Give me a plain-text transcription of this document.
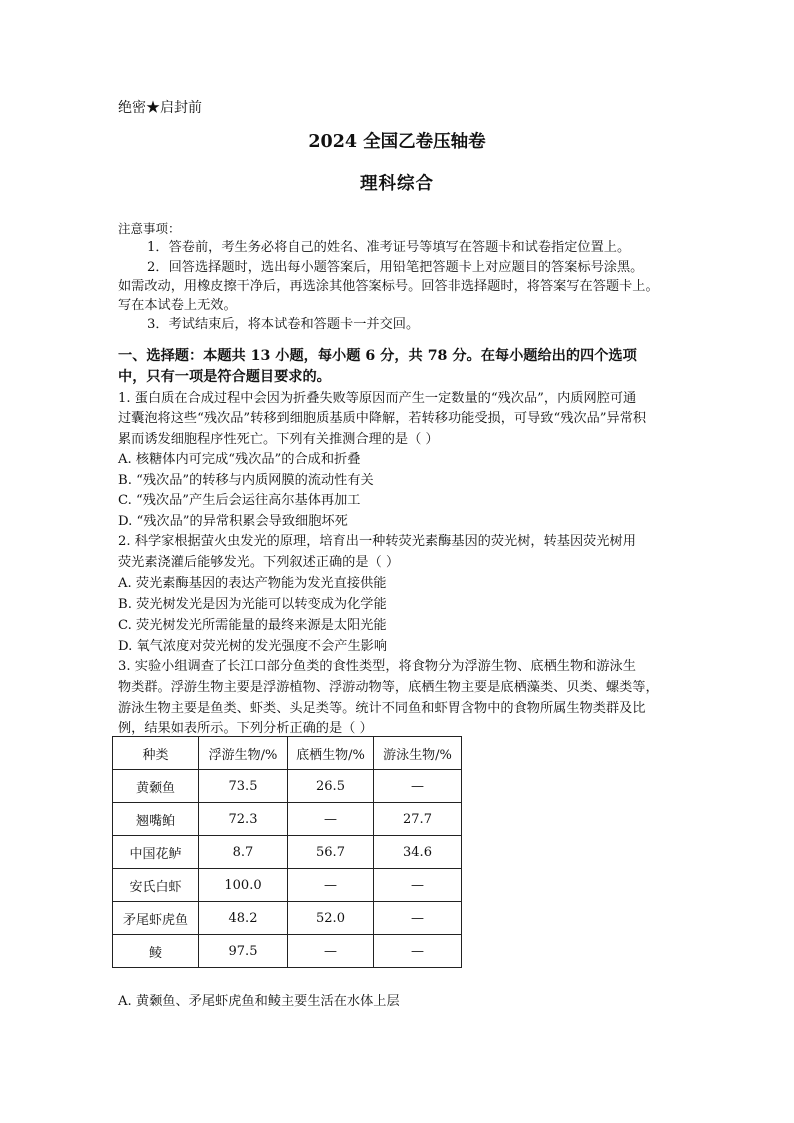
绝密★启封前
2024 全国乙卷压轴卷
理科综合
注意事项：
1．答卷前，考生务必将自己的姓名、准考证号等填写在答题卡和试卷指定位置上。
2．回答选择题时，选出每小题答案后，用铅笔把答题卡上对应题目的答案标号涂黑。
如需改动，用橡皮擦干净后，再选涂其他答案标号。回答非选择题时，将答案写在答题卡上。
写在本试卷上无效。
3．考试结束后，将本试卷和答题卡一并交回。
一、选择题：本题共 13 小题，每小题 6 分，共 78 分。在每小题给出的四个选项
中，只有一项是符合题目要求的。
1. 蛋白质在合成过程中会因为折叠失败等原因而产生一定数量的“残次品”，内质网腔可通
过囊泡将这些“残次品”转移到细胞质基质中降解，若转移功能受损，可导致“残次品”异常积
累而诱发细胞程序性死亡。下列有关推测合理的是（ ）
A. 核糖体内可完成“残次品”的合成和折叠
B. “残次品”的转移与内质网膜的流动性有关
C. “残次品”产生后会运往高尔基体再加工
D. “残次品”的异常积累会导致细胞坏死
2. 科学家根据萤火虫发光的原理，培育出一种转荧光素酶基因的荧光树，转基因荧光树用
荧光素浇灌后能够发光。下列叙述正确的是（ ）
A. 荧光素酶基因的表达产物能为发光直接供能
B. 荧光树发光是因为光能可以转变成为化学能
C. 荧光树发光所需能量的最终来源是太阳光能
D. 氧气浓度对荧光树的发光强度不会产生影响
3. 实验小组调查了长江口部分鱼类的食性类型，将食物分为浮游生物、底栖生物和游泳生
物类群。浮游生物主要是浮游植物、浮游动物等，底栖生物主要是底栖藻类、贝类、螺类等，
游泳生物主要是鱼类、虾类、头足类等。统计不同鱼和虾胃含物中的食物所属生物类群及比
例，结果如表所示。下列分析正确的是（ ）
种类	浮游生物/%	底栖生物/%	游泳生物/%
黄颡鱼	73.5	26.5	—
翘嘴鲌	72.3	—	27.7
中国花鲈	8.7	56.7	34.6
安氏白虾	100.0	—	—
矛尾虾虎鱼	48.2	52.0	—
鲮	97.5	—	—
A. 黄颡鱼、矛尾虾虎鱼和鲮主要生活在水体上层
